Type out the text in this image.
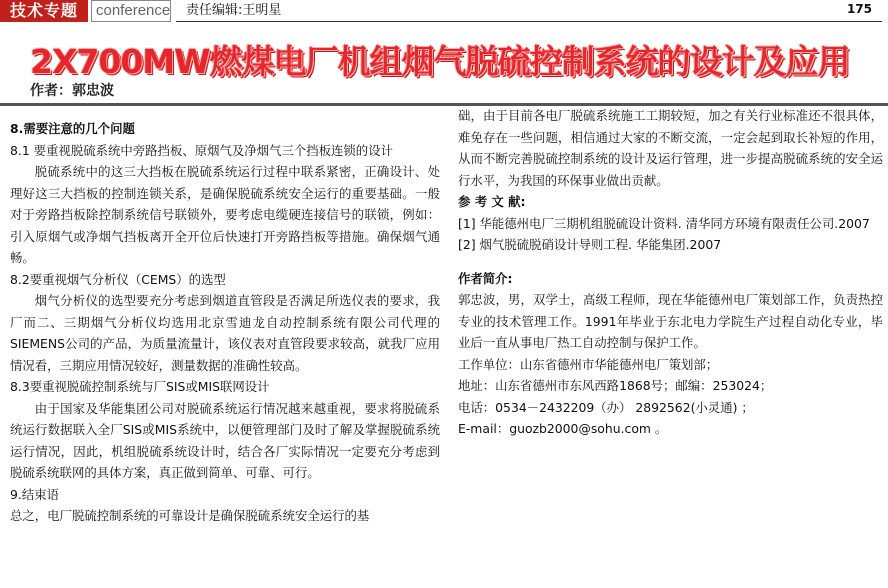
技术专题	conference 责任编辑:王明星	175
2X700MW燃煤电厂机组烟气脱硫控制系统的设计及应用
作者：郭忠波

8.需要注意的几个问题

8.1 要重视脱硫系统中旁路挡板、原烟气及净烟气三个挡板连锁的设计

脱硫系统中的这三大挡板在脱硫系统运行过程中联系紧密，正确设计、处理好这三大挡板的控制连锁关系，是确保脱硫系统安全运行的重要基础。一般对于旁路挡板除控制系统信号联锁外，要考虑电缆硬连接信号的联锁，例如：引入原烟气或净烟气挡板离开全开位后快速打开旁路挡板等措施。确保烟气通畅。

8.2要重视烟气分析仪（CEMS）的选型

烟气分析仪的选型要充分考虑到烟道直管段是否满足所选仪表的要求，我厂而二、三期烟气分析仪均选用北京雪迪龙自动控制系统有限公司代理的SIEMENS公司的产品，为质量流量计，该仪表对直管段要求较高，就我厂应用情况看，三期应用情况较好，测量数据的准确性较高。

8.3要重视脱硫控制系统与厂SIS或MIS联网设计

由于国家及华能集团公司对脱硫系统运行情况越来越重视，要求将脱硫系统运行数据联入全厂SIS或MIS系统中，以便管理部门及时了解及掌握脱硫系统运行情况，因此，机组脱硫系统设计时，结合各厂实际情况一定要充分考虑到脱硫系统联网的具体方案，真正做到简单、可靠、可行。

9.结束语

总之，电厂脱硫控制系统的可靠设计是确保脱硫系统安全运行的基

础，由于目前各电厂脱硫系统施工工期较短，加之有关行业标准还不很具体，难免存在一些问题，相信通过大家的不断交流，一定会起到取长补短的作用，从而不断完善脱硫控制系统的设计及运行管理，进一步提高脱硫系统的安全运行水平，为我国的环保事业做出贡献。

参 考 文 献:

[1] 华能德州电厂三期机组脱硫设计资料. 清华同方环境有限责任公司.2007

[2] 烟气脱硫脱硝设计导则工程. 华能集团.2007

作者简介:

郭忠波，男，双学士，高级工程师，现在华能德州电厂策划部工作，负责热控专业的技术管理工作。1991年毕业于东北电力学院生产过程自动化专业，毕业后一直从事电厂热工自动控制与保护工作。

工作单位：山东省德州市华能德州电厂策划部；

地址：山东省德州市东风西路1868号；邮编：253024；

电话：0534－2432209（办） 2892562(小灵通) ；

E-mail：guozb2000@sohu.com 。
